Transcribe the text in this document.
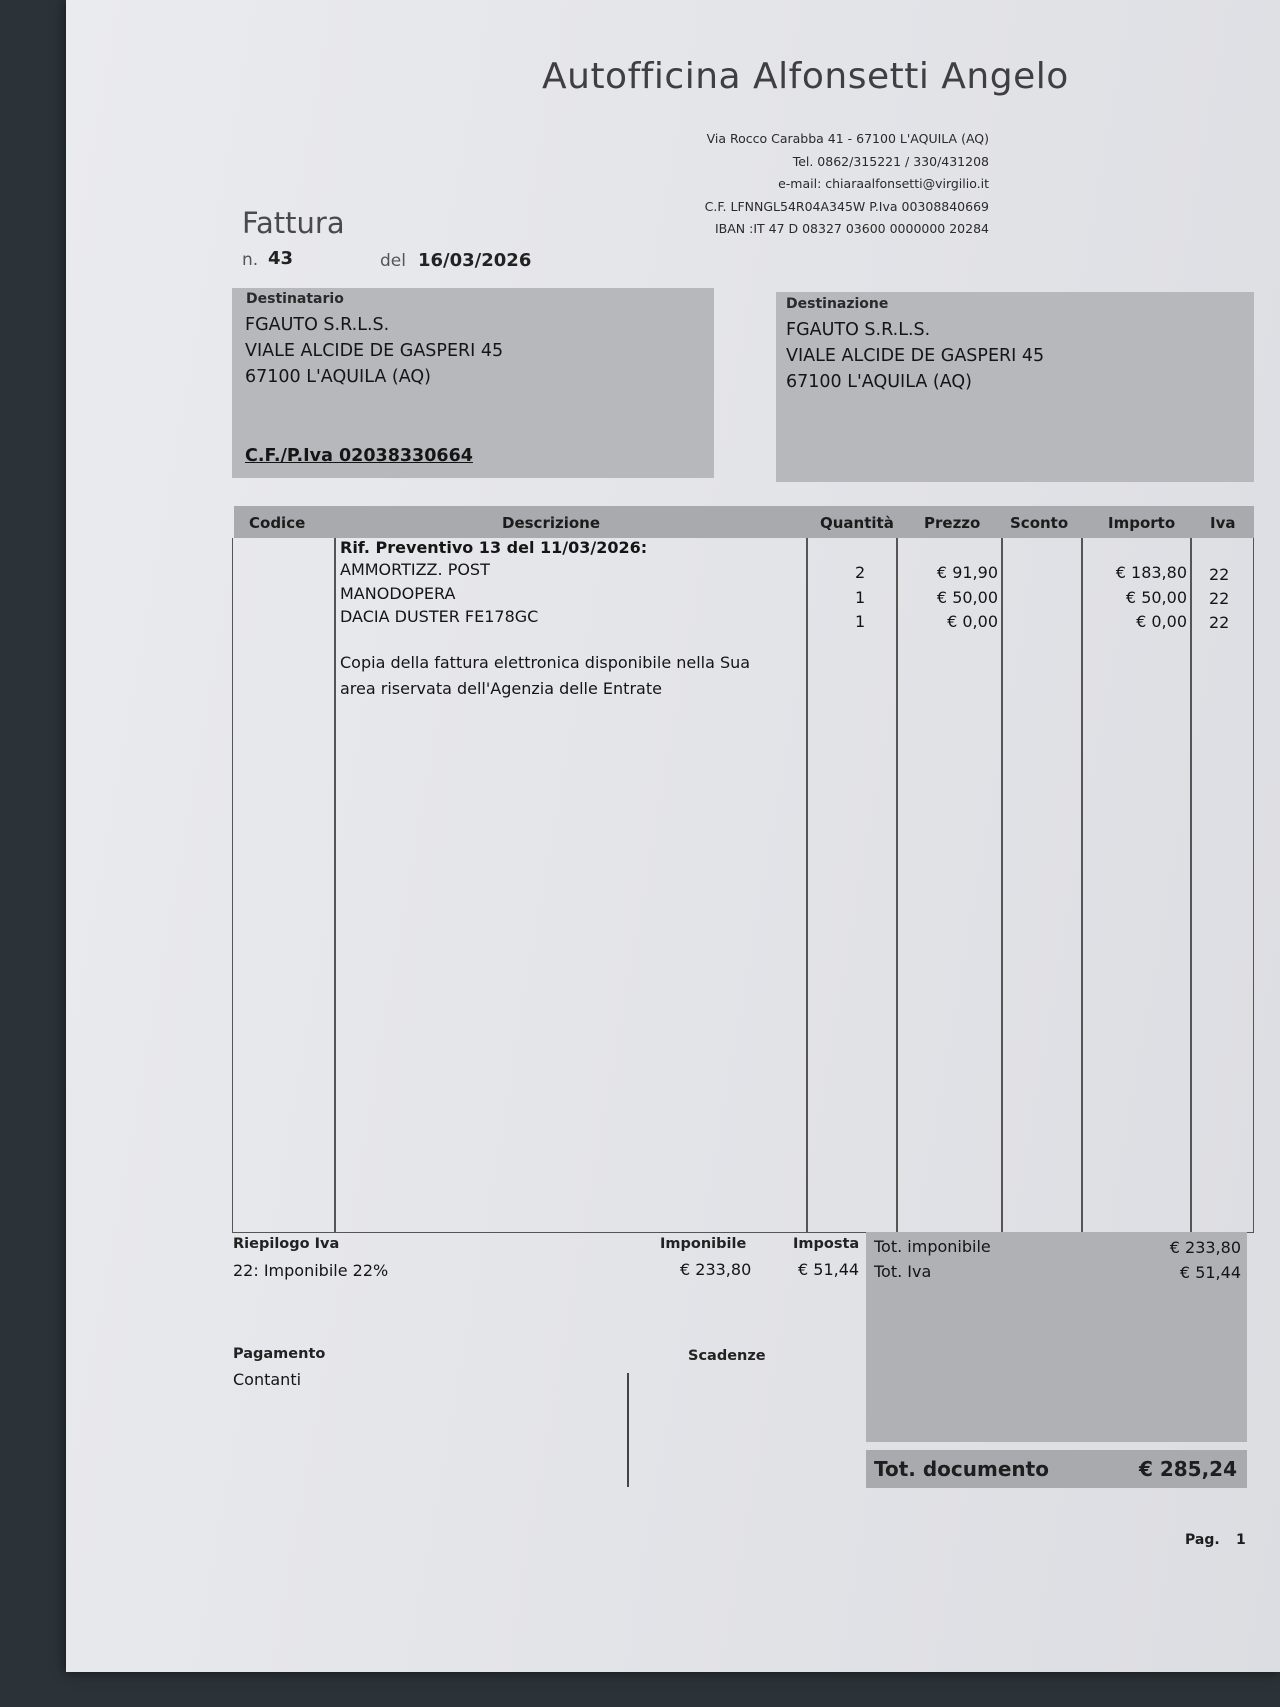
Autofficina Alfonsetti Angelo
Via Rocco Carabba 41 - 67100 L'AQUILA (AQ)
Tel. 0862/315221 / 330/431208
e-mail: chiaraalfonsetti@virgilio.it
C.F. LFNNGL54R04A345W P.Iva 00308840669
IBAN :IT 47 D 08327 03600 0000000 20284
Fattura
n. 43	del 16/03/2026
Destinatario
FGAUTO S.R.L.S.
VIALE ALCIDE DE GASPERI 45
67100 L'AQUILA (AQ)
C.F./P.Iva 02038330664
Destinazione
FGAUTO S.R.L.S.
VIALE ALCIDE DE GASPERI 45
67100 L'AQUILA (AQ)
Codice	Descrizione	Quantità Prezzo Sconto	Importo Iva
Rif. Preventivo 13 del 11/03/2026:
AMMORTIZZ. POST	2	€ 91,90	€ 183,80 22
MANODOPERA	1	€ 50,00	€ 50,00 22
DACIA DUSTER FE178GC	1	€ 0,00	€ 0,00 22
Copia della fattura elettronica disponibile nella Sua
area riservata dell'Agenzia delle Entrate
Riepilogo Iva	Imponibile	Imposta
22: Imponibile 22%	€ 233,80	€ 51,44
Tot. imponibile	€ 233,80
Tot. Iva	€ 51,44
Tot. documento	€ 285,24
Pagamento
Contanti
Scadenze
Pag. 1
